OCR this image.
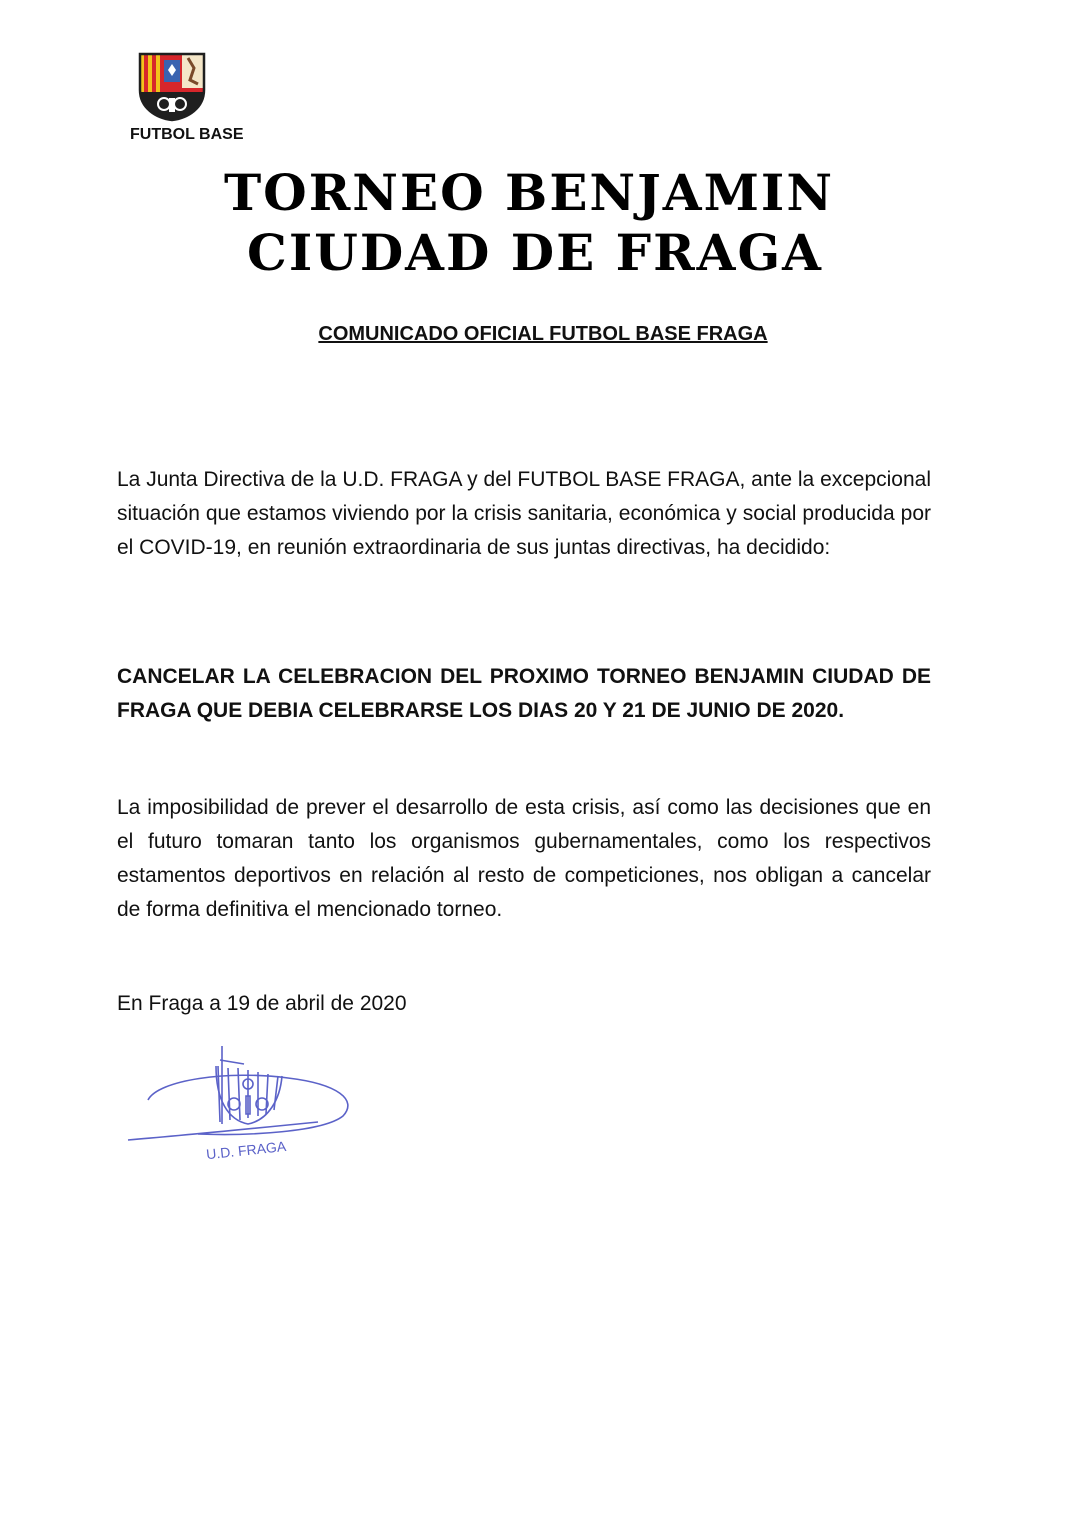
FUTBOL BASE
TORNEO BENJAMIN
CIUDAD DE FRAGA
COMUNICADO OFICIAL FUTBOL BASE FRAGA

La Junta Directiva de la U.D. FRAGA y del FUTBOL BASE FRAGA, ante la excepcional situación que estamos viviendo por la crisis sanitaria, económica y social producida por el COVID-19, en reunión extraordinaria de sus juntas directivas, ha decidido:

CANCELAR LA CELEBRACION DEL PROXIMO TORNEO BENJAMIN CIUDAD DE FRAGA QUE DEBIA CELEBRARSE LOS DIAS 20 Y 21 DE JUNIO DE 2020.

La imposibilidad de prever el desarrollo de esta crisis, así como las decisiones que en el futuro tomaran tanto los organismos gubernamentales, como los respectivos estamentos deportivos en relación al resto de competiciones, nos obligan a cancelar de forma definitiva el mencionado torneo.

En Fraga a 19 de abril de 2020

U.D. FRAGA
